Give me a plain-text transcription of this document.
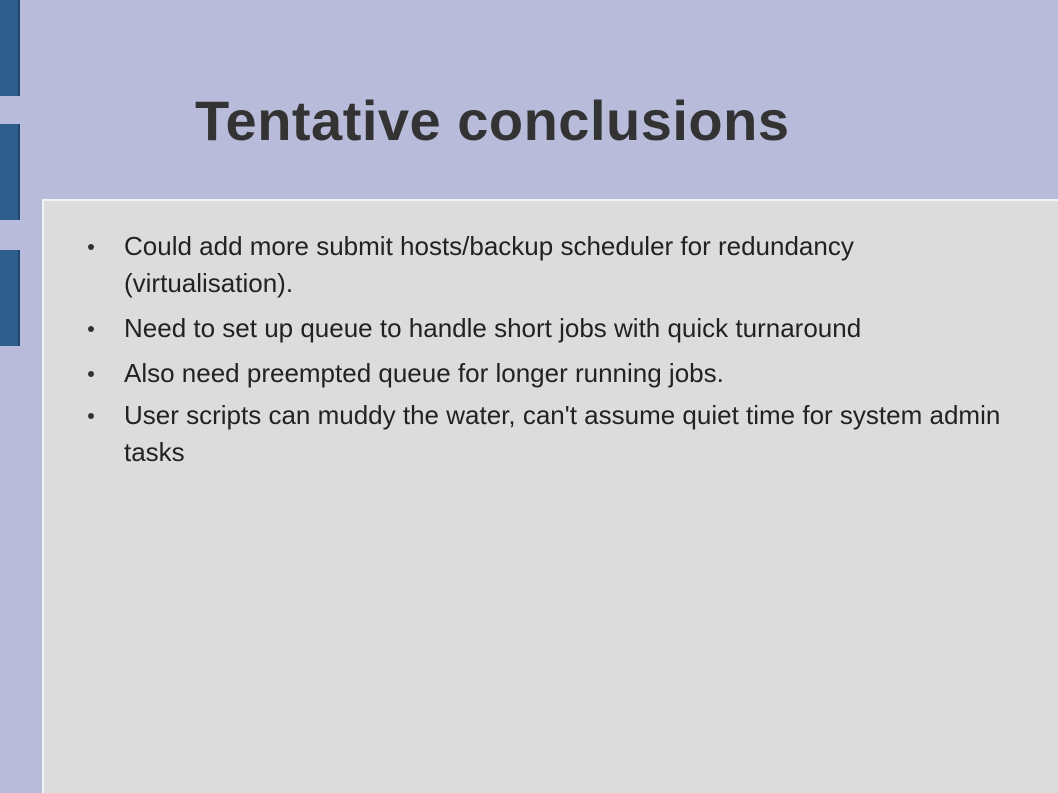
Tentative conclusions
Could add more submit hosts/backup scheduler for redundancy (virtualisation).
Need to set up queue to handle short jobs with quick turnaround
Also need preempted queue for longer running jobs.
User scripts can muddy the water, can't assume quiet time for system admin tasks
